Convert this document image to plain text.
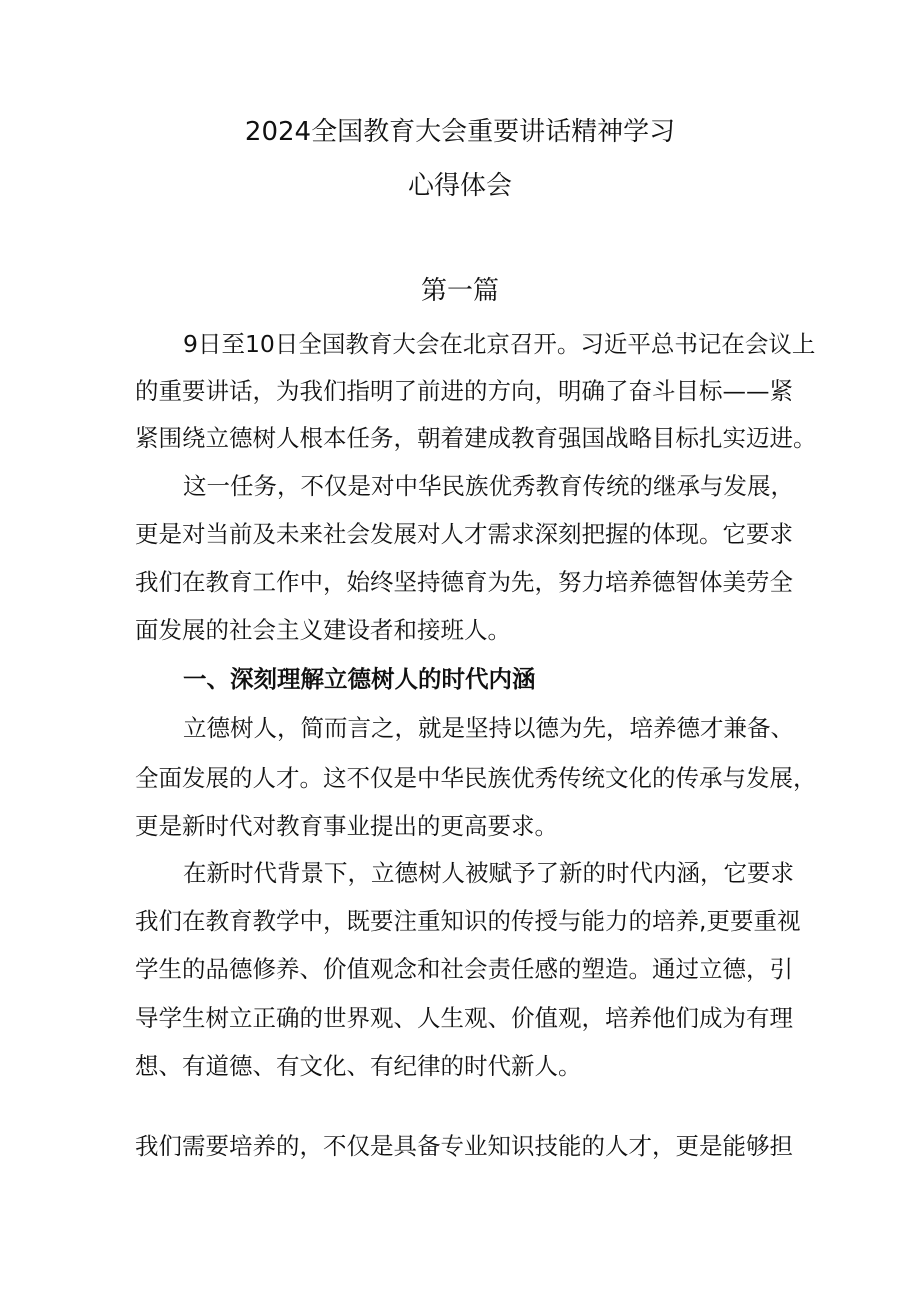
2024全国教育大会重要讲话精神学习
心得体会
第一篇
9日至10日全国教育大会在北京召开。习近平总书记在会议上
的重要讲话，为我们指明了前进的方向，明确了奋斗目标——紧
紧围绕立德树人根本任务，朝着建成教育强国战略目标扎实迈进。
这一任务，不仅是对中华民族优秀教育传统的继承与发展，
更是对当前及未来社会发展对人才需求深刻把握的体现。它要求
我们在教育工作中，始终坚持德育为先，努力培养德智体美劳全
面发展的社会主义建设者和接班人。
一、深刻理解立德树人的时代内涵
立德树人，简而言之，就是坚持以德为先，培养德才兼备、
全面发展的人才。这不仅是中华民族优秀传统文化的传承与发展，
更是新时代对教育事业提出的更高要求。
在新时代背景下，立德树人被赋予了新的时代内涵，它要求
我们在教育教学中，既要注重知识的传授与能力的培养,更要重视
学生的品德修养、价值观念和社会责任感的塑造。通过立德，引
导学生树立正确的世界观、人生观、价值观，培养他们成为有理
想、有道德、有文化、有纪律的时代新人。
我们需要培养的，不仅是具备专业知识技能的人才，更是能够担
